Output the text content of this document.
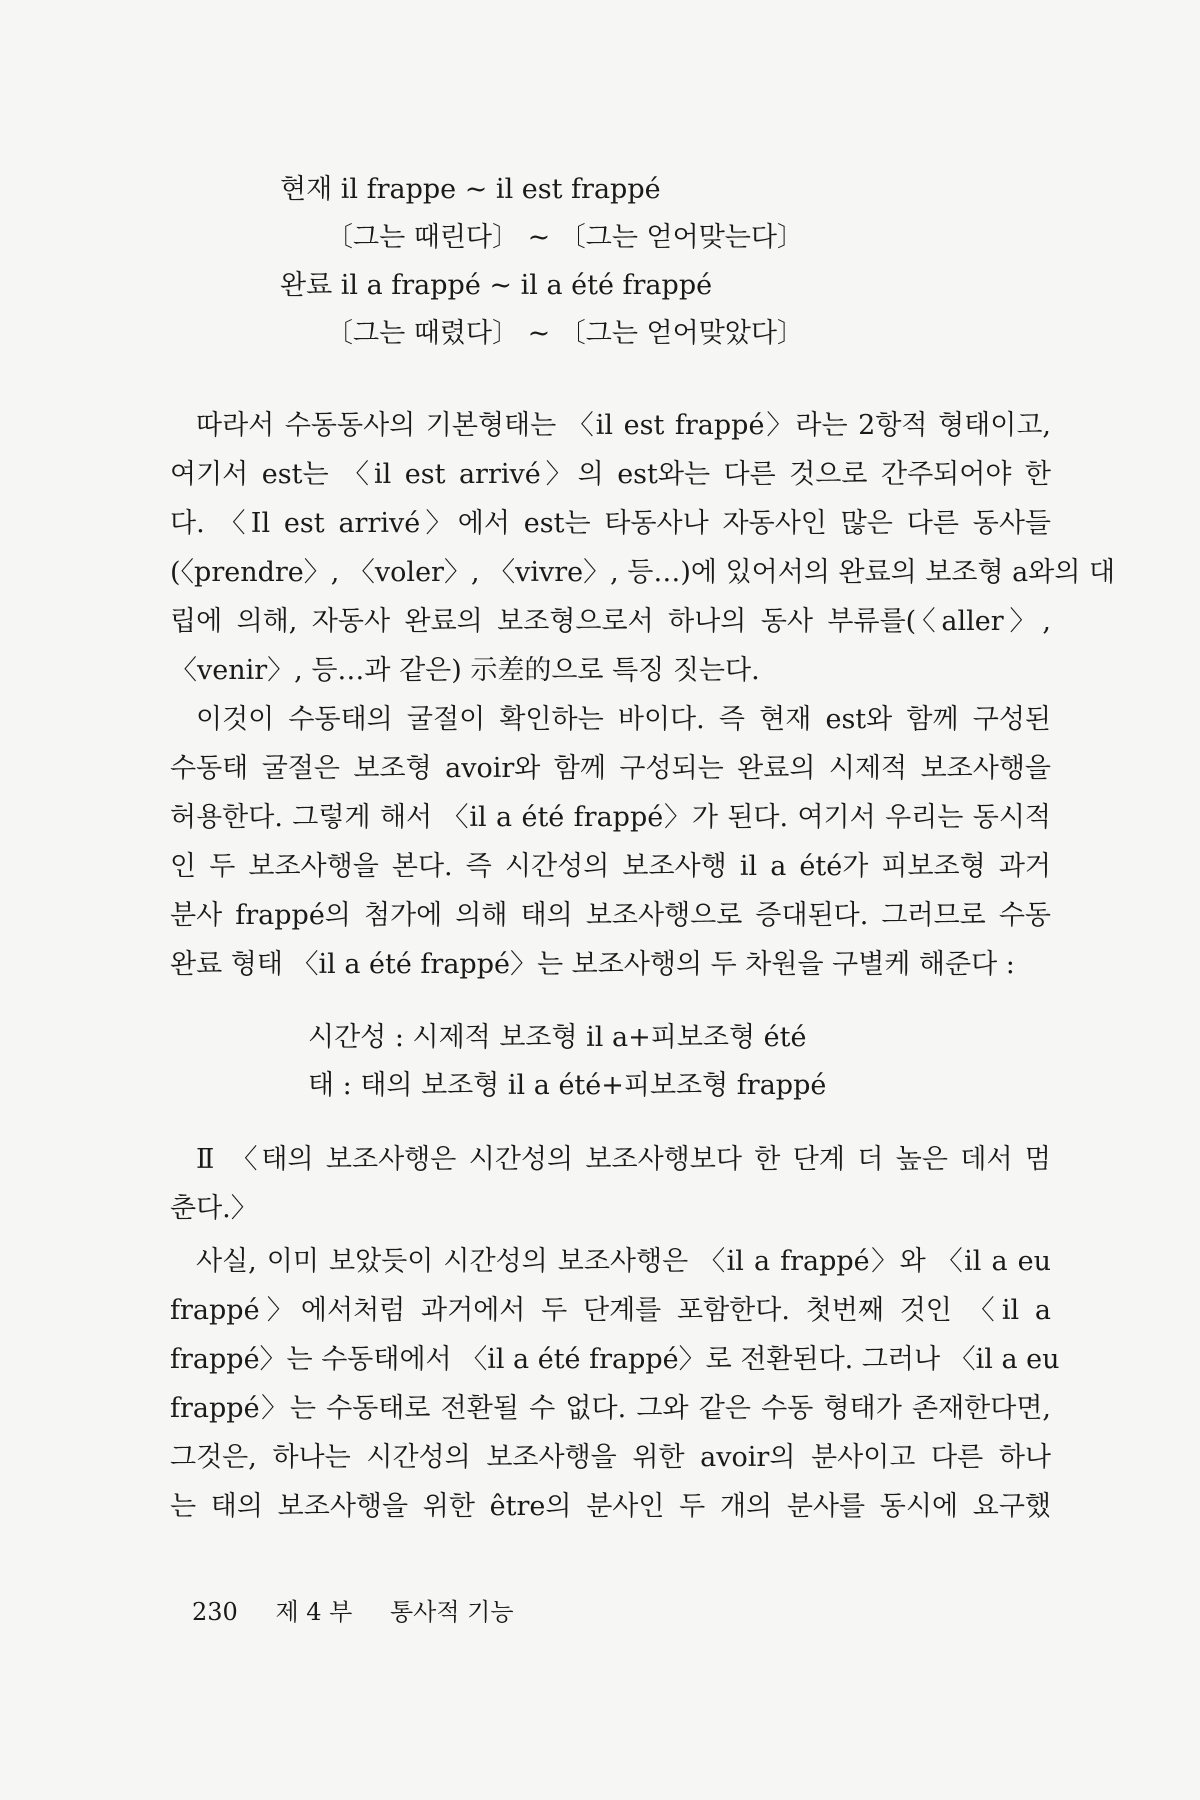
현재 il frappe ~ il est frappé
〔그는 때린다〕 ~ 〔그는 얻어맞는다〕
완료 il a frappé ~ il a été frappé
〔그는 때렸다〕 ~ 〔그는 얻어맞았다〕
따라서 수동동사의 기본형태는 〈il est frappé〉라는 2항적 형태이고,
여기서 est는 〈il est arrivé〉의 est와는 다른 것으로 간주되어야 한
다. 〈Il est arrivé〉에서 est는 타동사나 자동사인 많은 다른 동사들
(〈prendre〉, 〈voler〉, 〈vivre〉, 등…)에 있어서의 완료의 보조형 a와의 대
립에 의해, 자동사 완료의 보조형으로서 하나의 동사 부류를(〈aller〉,
〈venir〉, 등…과 같은) 示差的으로 특징 짓는다.
이것이 수동태의 굴절이 확인하는 바이다. 즉 현재 est와 함께 구성된
수동태 굴절은 보조형 avoir와 함께 구성되는 완료의 시제적 보조사행을
허용한다. 그렇게 해서 〈il a été frappé〉가 된다. 여기서 우리는 동시적
인 두 보조사행을 본다. 즉 시간성의 보조사행 il a été가 피보조형 과거
분사 frappé의 첨가에 의해 태의 보조사행으로 증대된다. 그러므로 수동
완료 형태 〈il a été frappé〉는 보조사행의 두 차원을 구별케 해준다 :
시간성 : 시제적 보조형 il a+피보조형 été
태 : 태의 보조형 il a été+피보조형 frappé
Ⅱ 〈태의 보조사행은 시간성의 보조사행보다 한 단계 더 높은 데서 멈
춘다.〉
사실, 이미 보았듯이 시간성의 보조사행은 〈il a frappé〉와 〈il a eu
frappé〉에서처럼 과거에서 두 단계를 포함한다. 첫번째 것인 〈il a
frappé〉는 수동태에서 〈il a été frappé〉로 전환된다. 그러나 〈il a eu
frappé〉는 수동태로 전환될 수 없다. 그와 같은 수동 형태가 존재한다면,
그것은, 하나는 시간성의 보조사행을 위한 avoir의 분사이고 다른 하나
는 태의 보조사행을 위한 être의 분사인 두 개의 분사를 동시에 요구했
230 제 4 부 통사적 기능
